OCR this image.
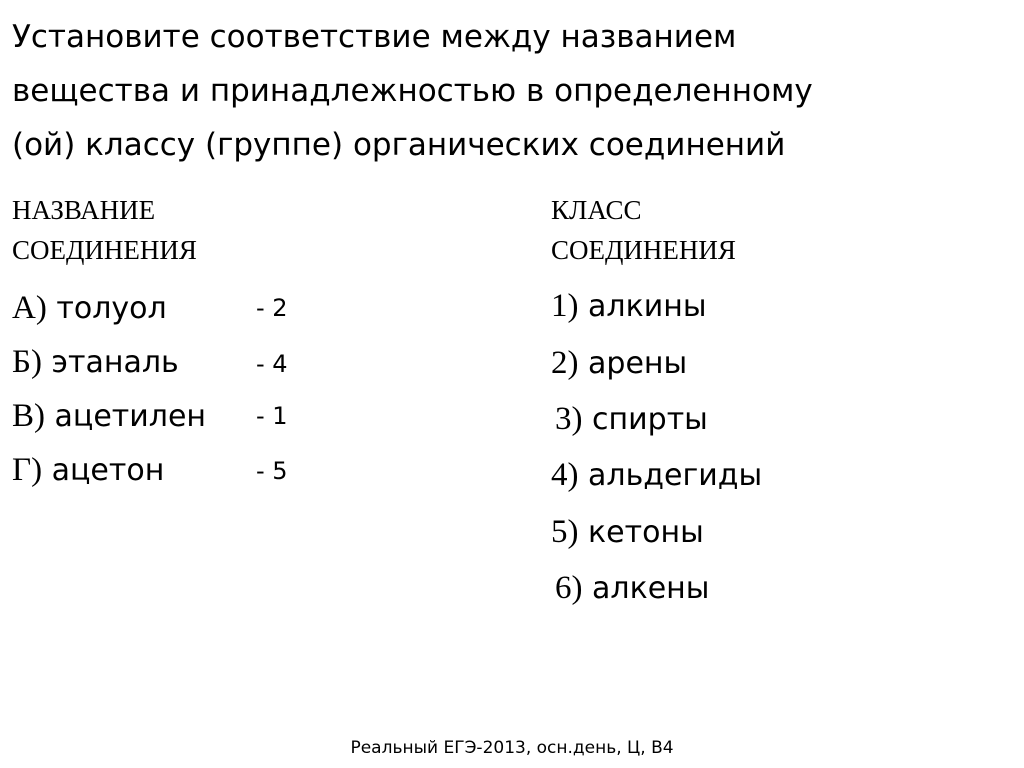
Установите соответствие между названием
вещества и принадлежностью в определенному
(ой) классу (группе) органических соединений
НАЗВАНИЕ
СОЕДИНЕНИЯ
КЛАСС
СОЕДИНЕНИЯ
А) толуол	- 2
Б) этаналь	- 4
В) ацетилен - 1
Г) ацетон	- 5
1) алкины
2) арены
3) спирты
4) альдегиды
5) кетоны
6) алкены
Реальный ЕГЭ-2013, осн.день, Ц, В4
